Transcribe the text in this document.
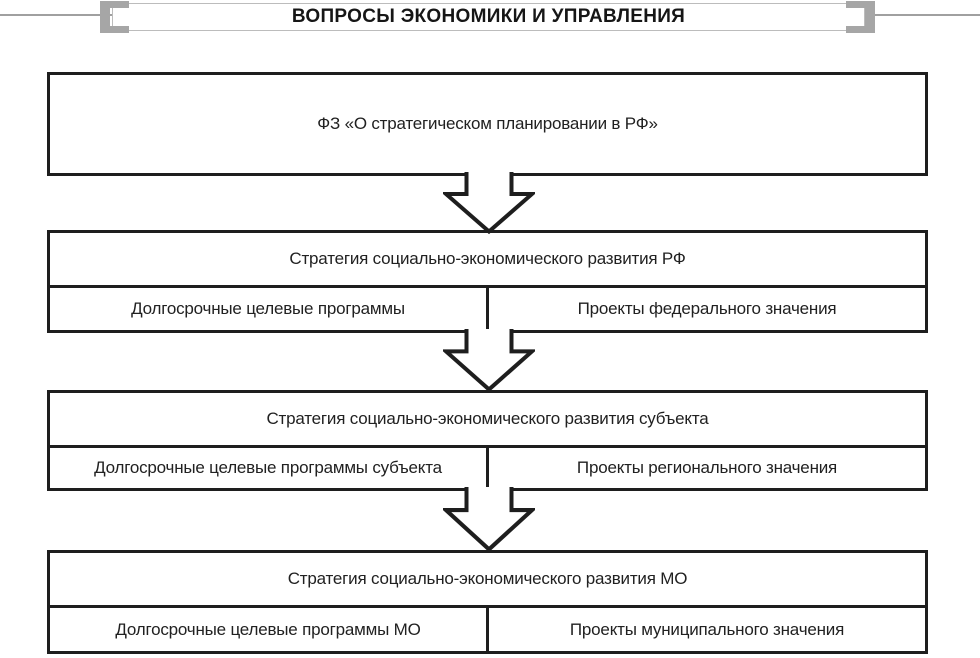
ВОПРОСЫ ЭКОНОМИКИ И УПРАВЛЕНИЯ
ФЗ «О стратегическом планировании в РФ»
Стратегия социально-экономического развития РФ
Долгосрочные целевые программы	Проекты федерального значения
Стратегия социально-экономического развития субъекта
Долгосрочные целевые программы субъекта	Проекты регионального значения
Стратегия социально-экономического развития МО
Долгосрочные целевые программы МО	Проекты муниципального значения
